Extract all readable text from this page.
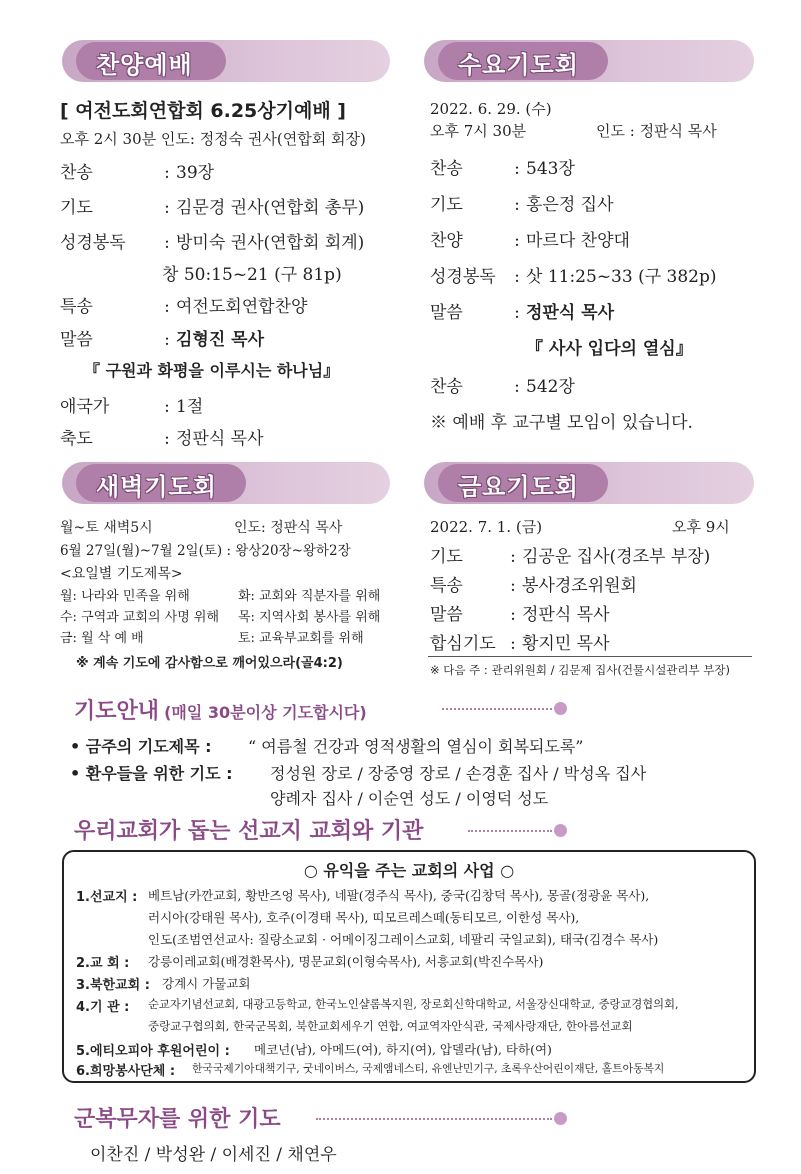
찬양예배
[ 여전도회연합회 6.25상기예배 ]
오후 2시 30분 인도: 정정숙 권사(연합회 회장)
찬송	: 39장
기도	: 김문경 권사(연합회 총무)
성경봉독 : 방미숙 권사(연합회 회계)
창 50:15~21 (구 81p)
특송	: 여전도회연합찬양
말씀	: 김형진 목사
『 구원과 화평을 이루시는 하나님』
애국가	: 1절
축도	: 정판식 목사
수요기도회
2022. 6. 29. (수)
오후 7시 30분	인도 : 정판식 목사
찬송	: 543장
기도	: 홍은정 집사
찬양	: 마르다 찬양대
성경봉독 : 삿 11:25~33 (구 382p)
말씀	: 정판식 목사
『 사사 입다의 열심』
찬송	: 542장
※ 예배 후 교구별 모임이 있습니다.
새벽기도회
월~토 새벽5시	인도: 정판식 목사
6월 27일(월)~7월 2일(토) : 왕상20장~왕하2장
<요일별 기도제목>
월: 나라와 민족을 위해	화: 교회와 직분자를 위해
수: 구역과 교회의 사명 위해 목: 지역사회 봉사를 위해
금: 월 삭 예 배	토: 교육부교회를 위해
※ 계속 기도에 감사함으로 깨어있으라(골4:2)
금요기도회
2022. 7. 1. (금)	오후 9시
기도	: 김공운 집사(경조부 부장)
특송	: 봉사경조위원회
말씀	: 정판식 목사
합심기도 : 황지민 목사
※ 다음 주 : 관리위원회 / 김문제 집사(건물시설관리부 부장)
기도안내 (매일 30분이상 기도합시다)
• 금주의 기도제목 : “ 여름철 건강과 영적생활의 열심이 회복되도록”
• 환우들을 위한 기도 : 정성원 장로 / 장중영 장로 / 손경훈 집사 / 박성옥 집사
양례자 집사 / 이순연 성도 / 이영덕 성도
우리교회가 돕는 선교지 교회와 기관
○ 유익을 주는 교회의 사업 ○
1.선교지 : 베트남(카깐교회, 황반즈엉 목사), 네팔(경주식 목사), 중국(김창덕 목사), 몽골(정광윤 목사),
러시아(강태원 목사), 호주(이경태 목사), 띠모르레스떼(동티모르, 이한성 목사),
인도(조범연선교사: 질랑소교회 · 어메이징그레이스교회, 네팔리 국일교회), 태국(김경수 목사)
2.교 회 : 강릉이레교회(배경환목사), 명문교회(이형숙목사), 서흥교회(박진수목사)
3.북한교회 : 강계시 가물교회
4.기 관 : 순교자기념선교회, 대광고등학교, 한국노인샬롬복지원, 장로회신학대학교, 서울장신대학교, 중랑교경협의회,
중랑교구협의회, 한국군목회, 북한교회세우기 연합, 여교역자안식관, 국제사랑재단, 한아름선교회
5.에티오피아 후원어린이 : 메코넌(남), 아메드(여), 하지(여), 압델라(남), 타하(여)
6.희망봉사단체 : 한국국제기아대책기구, 굿네이버스, 국제앰네스티, 유엔난민기구, 초록우산어린이재단, 홀트아동복지
군복무자를 위한 기도
이찬진 / 박성완 / 이세진 / 채연우
